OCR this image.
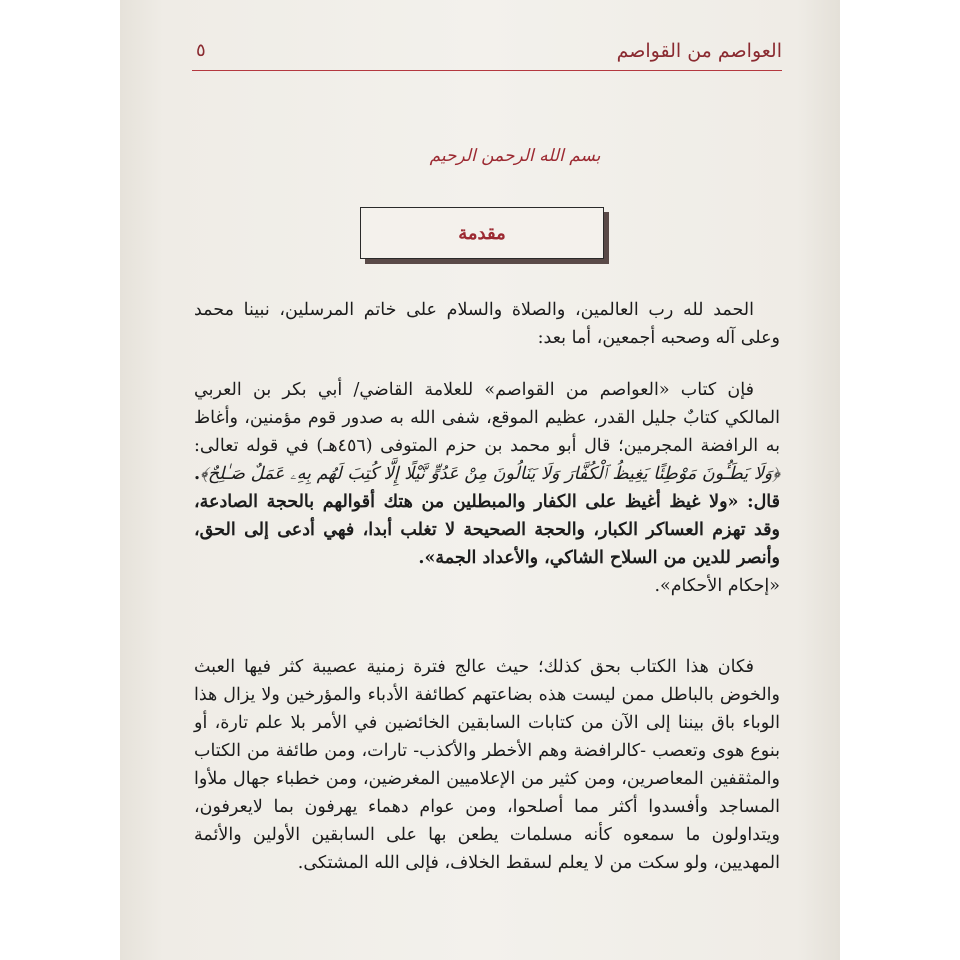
العواصم من القواصم
٥
بسم الله الرحمن الرحيم
مقدمة

الحمد لله رب العالمين، والصلاة والسلام على خاتم المرسلين، نبينا محمد وعلى آله وصحبه أجمعين، أما بعد:

فإن كتاب «العواصم من القواصم» للعلامة القاضي/ أبي بكر بن العربي المالكي كتابٌ جليل القدر، عظيم الموقع، شفى الله به صدور قوم مؤمنين، وأغاظ به الرافضة المجرمين؛ قال أبو محمد بن حزم المتوفى (٤٥٦هـ) في قوله تعالى: ﴿وَلَا يَطَـُٔونَ مَوْطِئًا يَغِيظُ ٱلْكُفَّارَ وَلَا يَنَالُونَ مِنْ عَدُوٍّ نَّيْلًا إِلَّا كُتِبَ لَهُم بِهِۦ عَمَلٌ صَـٰلِحٌ﴾. قال: «ولا غيظ أغيظ على الكفار والمبطلين من هتك أقوالهم بالحجة الصادعة، وقد تهزم العساكر الكبار، والحجة الصحيحة لا تغلب أبدا، فهي أدعى إلى الحق، وأنصر للدين من السلاح الشاكي، والأعداد الجمة».

«إحكام الأحكام».

فكان هذا الكتاب بحق كذلك؛ حيث عالج فترة زمنية عصيبة كثر فيها العبث والخوض بالباطل ممن ليست هذه بضاعتهم كطائفة الأدباء والمؤرخين ولا يزال هذا الوباء باق بيننا إلى الآن من كتابات السابقين الخائضين في الأمر بلا علم تارة، أو بنوع هوى وتعصب -كالرافضة وهم الأخطر والأكذب- تارات، ومن طائفة من الكتاب والمثقفين المعاصرين، ومن كثير من الإعلاميين المغرضين، ومن خطباء جهال ملأوا المساجد وأفسدوا أكثر مما أصلحوا، ومن عوام دهماء يهرفون بما لايعرفون، ويتداولون ما سمعوه كأنه مسلمات يطعن بها على السابقين الأولين والأئمة المهديين، ولو سكت من لا يعلم لسقط الخلاف، فإلى الله المشتكى.
